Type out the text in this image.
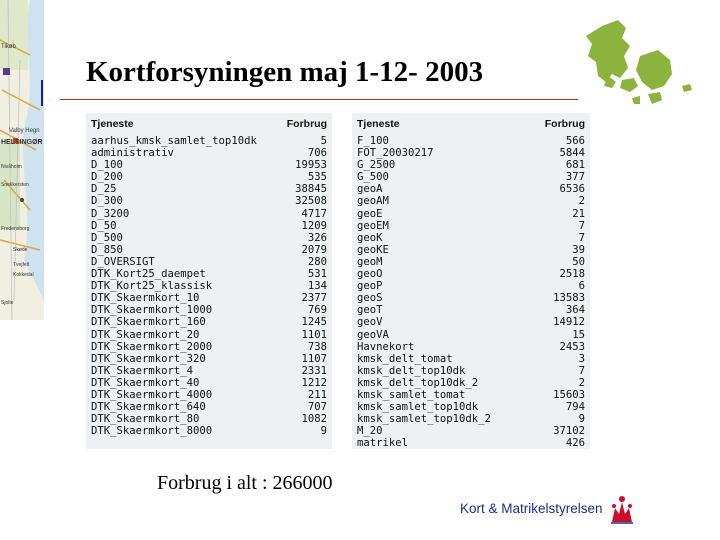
Tikøb
Valby Hegn
HELSINGØR
Nivåholm
Snekkersten
Fredensborg
Skøde
Tvejfelt
Kokkedal
Sjolte
Kortforsyningen maj 1-12- 2003
Tjeneste	Forbrug
aarhus_kmsk_samlet_top10dk	5
administrativ	706
D_100	19953
D_200	535
D_25	38845
D_300	32508
D_3200	4717
D_50	1209
D_500	326
D_850	2079
D_OVERSIGT	280
DTK_Kort25_daempet	531
DTK_Kort25_klassisk	134
DTK_Skaermkort_10	2377
DTK_Skaermkort_1000	769
DTK_Skaermkort_160	1245
DTK_Skaermkort_20	1101
DTK_Skaermkort_2000	738
DTK_Skaermkort_320	1107
DTK_Skaermkort_4	2331
DTK_Skaermkort_40	1212
DTK_Skaermkort_4000	211
DTK_Skaermkort_640	707
DTK_Skaermkort_80	1082
DTK_Skaermkort_8000	9
Tjeneste	Forbrug
F_100	566
FOT_20030217	5844
G_2500	681
G_500	377
geoA	6536
geoAM	2
geoE	21
geoEM	7
geoK	7
geoKE	39
geoM	50
geoO	2518
geoP	6
geoS	13583
geoT	364
geoV	14912
geoVA	15
Havnekort	2453
kmsk_delt_tomat	3
kmsk_delt_top10dk	7
kmsk_delt_top10dk_2	2
kmsk_samlet_tomat	15603
kmsk_samlet_top10dk	794
kmsk_samlet_top10dk_2	9
M_20	37102
matrikel	426
Forbrug i alt : 266000
Kort & Matrikelstyrelsen
